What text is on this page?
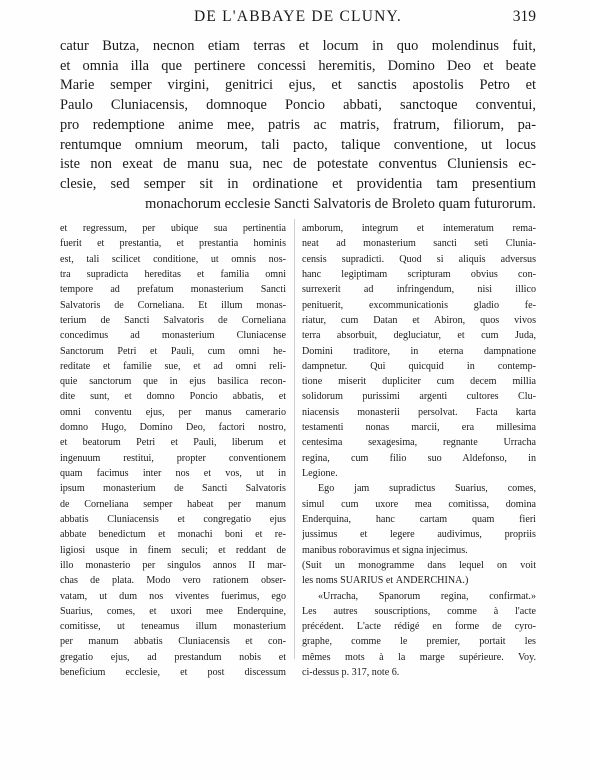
DE L'ABBAYE DE CLUNY.	319
catur Butza, necnon etiam terras et locum in quo molendinus fuit,
et omnia illa que pertinere concessi heremitis, Domino Deo et beate
Marie semper virgini, genitrici ejus, et sanctis apostolis Petro et
Paulo Cluniacensis, domnoque Poncio abbati, sanctoque conventui,
pro redemptione anime mee, patris ac matris, fratrum, filiorum, pa-
rentumque omnium meorum, tali pacto, talique conventione, ut locus
iste non exeat de manu sua, nec de potestate conventus Cluniensis ec-
clesie, sed semper sit in ordinatione et providentia tam presentium
monachorum ecclesie Sancti Salvatoris de Broleto quam futurorum.
et regressum, per ubique sua pertinentia
fuerit et prestantia, et prestantia hominis
est, tali scilicet conditione, ut omnis nos-
tra supradicta hereditas et familia omni
tempore ad prefatum monasterium Sancti
Salvatoris de Corneliana. Et illum monas-
terium de Sancti Salvatoris de Corneliana
concedimus ad monasterium Cluniacense
Sanctorum Petri et Pauli, cum omni he-
reditate et familie sue, et ad omni reli-
quie sanctorum que in ejus basilica recon-
dite sunt, et domno Poncio abbatis, et
omni conventu ejus, per manus camerario
domno Hugo, Domino Deo, factori nostro,
et beatorum Petri et Pauli, liberum et
ingenuum restitui, propter conventionem
quam facimus inter nos et vos, ut in
ipsum monasterium de Sancti Salvatoris
de Corneliana semper habeat per manum
abbatis Cluniacensis et congregatio ejus
abbate benedictum et monachi boni et re-
ligiosi usque in finem seculi; et reddant de
illo monasterio per singulos annos II mar-
chas de plata. Modo vero rationem obser-
vatam, ut dum nos viventes fuerimus, ego
Suarius, comes, et uxori mee Enderquine,
comitisse, ut teneamus illum monasterium
per manum abbatis Cluniacensis et con-
gregatio ejus, ad prestandum nobis et
beneficium ecclesie, et post discessum
amborum, integrum et intemeratum rema-
neat ad monasterium sancti seti Cluniа-
censis supradicti. Quod si aliquis adversus
hanc legiptimam scripturam obvius con-
surrexerit ad infringendum, nisi illico
penituerit, excommunicationis gladio fe-
riatur, cum Datan et Abiron, quos vivos
terra absorbuit, degluciatur, et cum Juda,
Domini traditore, in eterna dampnatione
dampnetur. Qui quicquid in contemp-
tione miserit dupliciter cum decem millia
solidorum purissimi argenti cultores Clu-
niacensis monasterii persolvat. Facta karta
testamenti nonas marcii, era millesima
centesima sexagesima, regnante Urracha
regina, cum filio suo Aldefonso, in
Legione.
Ego jam supradictus Suarius, comes,
simul cum uxore mea comitissa, domina
Enderquina, hanc cartam quam fieri
jussimus et legere audivimus, propriis
manibus roboravimus et signa injecimus.
(Suit un monogramme dans lequel on voit
les noms SUARIUS et ANDERCHINA.)
«Urracha, Spanorum regina, confirmat.»
Les autres souscriptions, comme à l'acte
précédent. L'acte rédigé en forme de cyro-
graphe, comme le premier, portait les
mêmes mots à la marge supérieure. Voy.
ci-dessus p. 317, note 6.
